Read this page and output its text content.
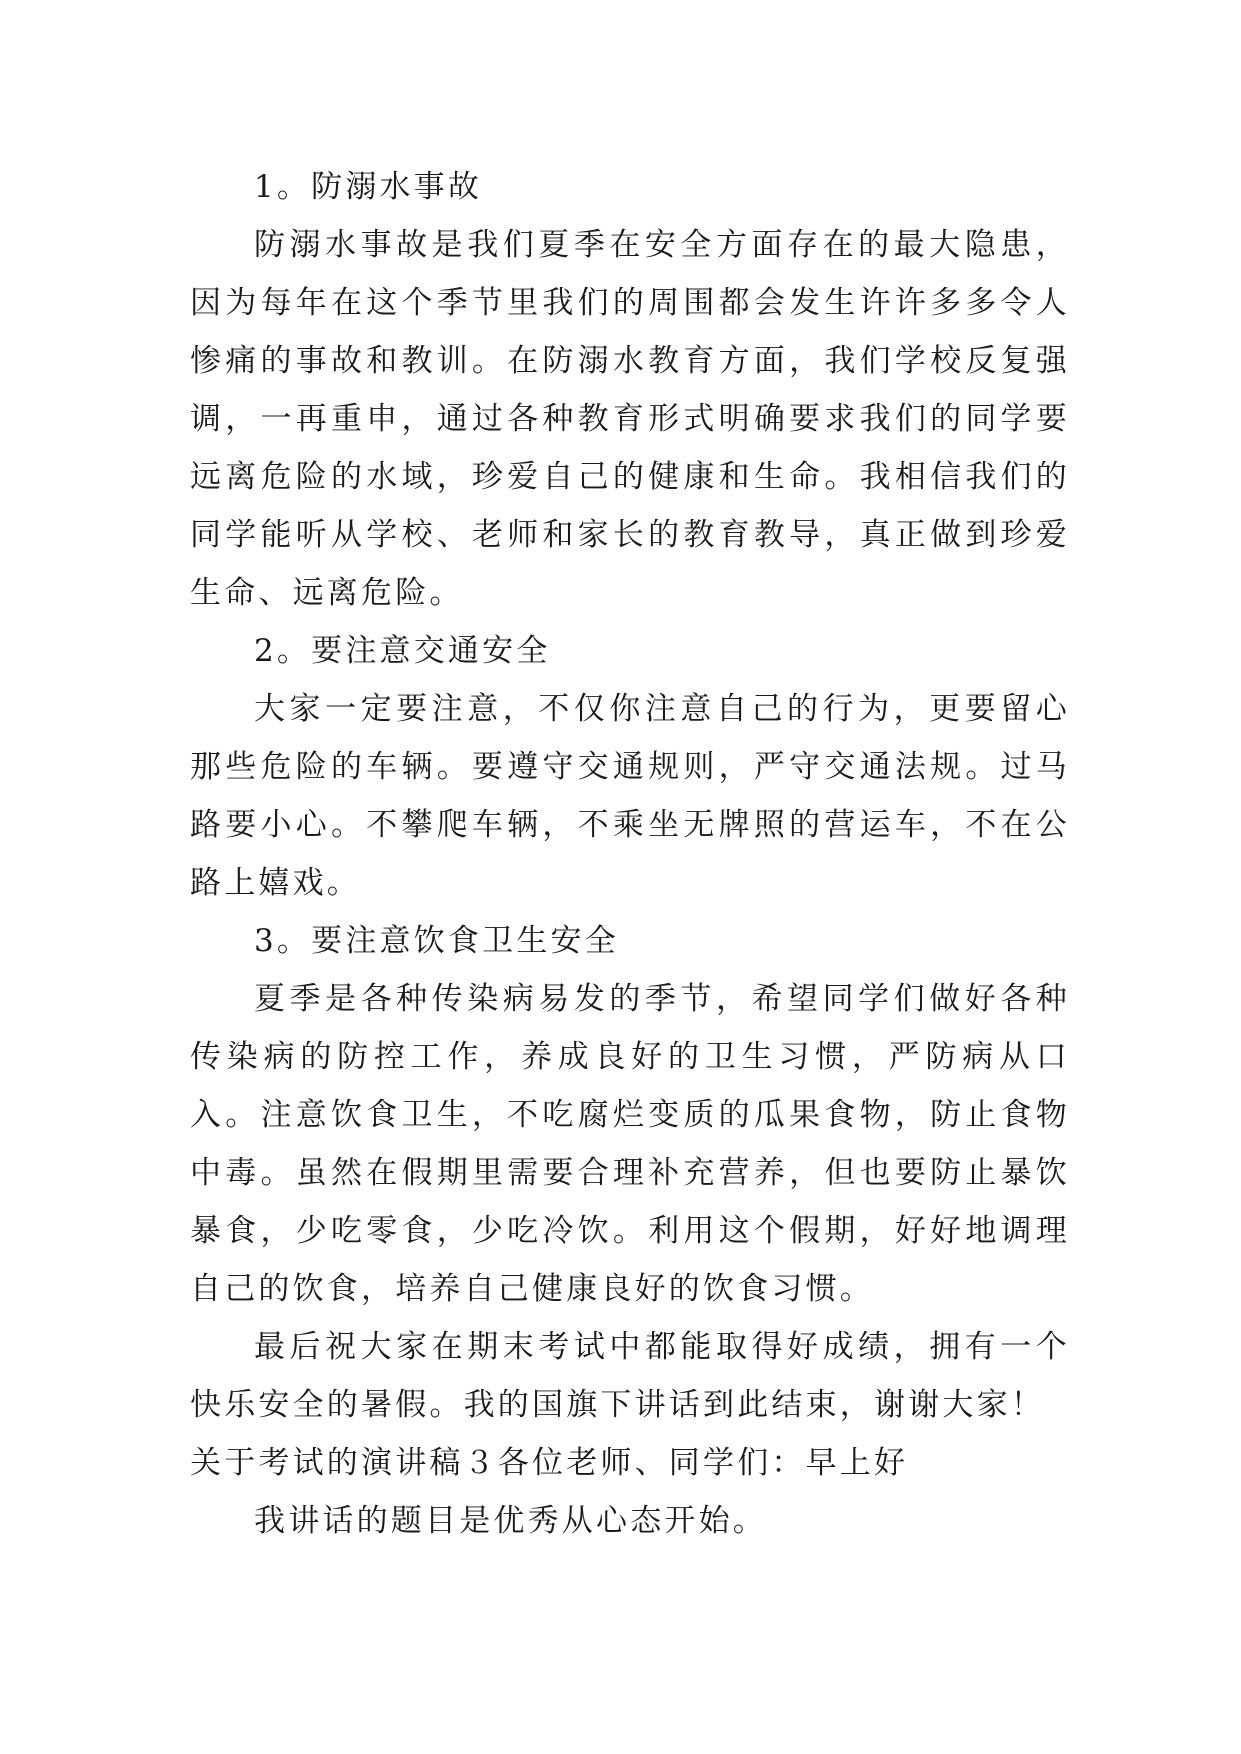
1。防溺水事故

防溺水事故是我们夏季在安全方面存在的最大隐患，因为每年在这个季节里我们的周围都会发生许许多多令人惨痛的事故和教训。在防溺水教育方面，我们学校反复强调，一再重申，通过各种教育形式明确要求我们的同学要远离危险的水域，珍爱自己的健康和生命。我相信我们的同学能听从学校、老师和家长的教育教导，真正做到珍爱生命、远离危险。

2。要注意交通安全

大家一定要注意，不仅你注意自己的行为，更要留心那些危险的车辆。要遵守交通规则，严守交通法规。过马路要小心。不攀爬车辆，不乘坐无牌照的营运车，不在公路上嬉戏。

3。要注意饮食卫生安全

夏季是各种传染病易发的季节，希望同学们做好各种传染病的防控工作，养成良好的卫生习惯，严防病从口入。注意饮食卫生，不吃腐烂变质的瓜果食物，防止食物中毒。虽然在假期里需要合理补充营养，但也要防止暴饮暴食，少吃零食，少吃冷饮。利用这个假期，好好地调理自己的饮食，培养自己健康良好的饮食习惯。

最后祝大家在期末考试中都能取得好成绩，拥有一个快乐安全的暑假。我的国旗下讲话到此结束，谢谢大家！

关于考试的演讲稿３各位老师、同学们：早上好

我讲话的题目是优秀从心态开始。
